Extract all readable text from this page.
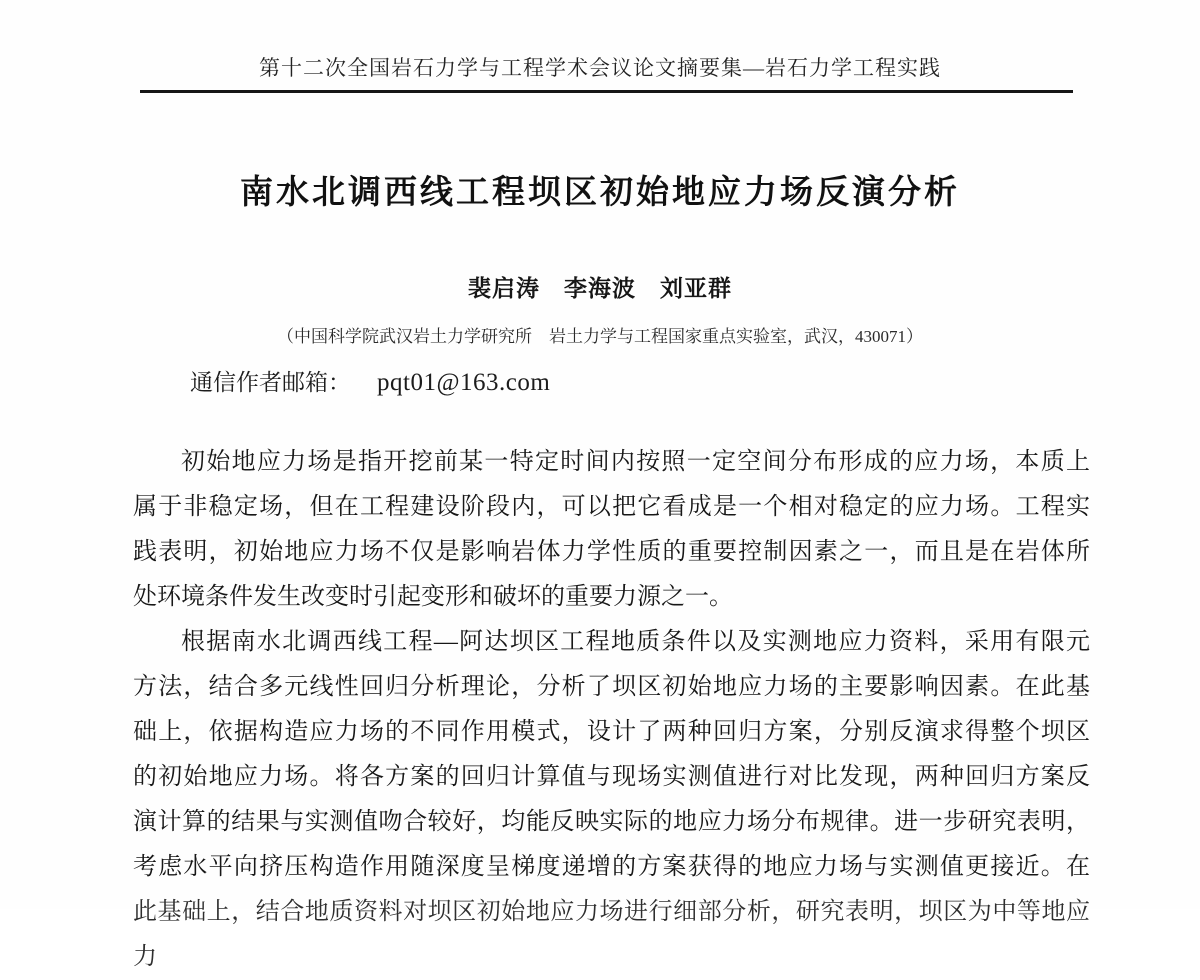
第十二次全国岩石力学与工程学术会议论文摘要集—岩石力学工程实践
南水北调西线工程坝区初始地应力场反演分析
裴启涛　李海波　刘亚群
（中国科学院武汉岩土力学研究所　岩土力学与工程国家重点实验室，武汉，430071）
通信作者邮箱： pqt01@163.com
初始地应力场是指开挖前某一特定时间内按照一定空间分布形成的应力场，本质上
属于非稳定场，但在工程建设阶段内，可以把它看成是一个相对稳定的应力场。工程实
践表明，初始地应力场不仅是影响岩体力学性质的重要控制因素之一，而且是在岩体所
处环境条件发生改变时引起变形和破坏的重要力源之一。
根据南水北调西线工程—阿达坝区工程地质条件以及实测地应力资料，采用有限元
方法，结合多元线性回归分析理论，分析了坝区初始地应力场的主要影响因素。在此基
础上，依据构造应力场的不同作用模式，设计了两种回归方案，分别反演求得整个坝区
的初始地应力场。将各方案的回归计算值与现场实测值进行对比发现，两种回归方案反
演计算的结果与实测值吻合较好，均能反映实际的地应力场分布规律。进一步研究表明，
考虑水平向挤压构造作用随深度呈梯度递增的方案获得的地应力场与实测值更接近。在
此基础上，结合地质资料对坝区初始地应力场进行细部分析，研究表明，坝区为中等地应力
